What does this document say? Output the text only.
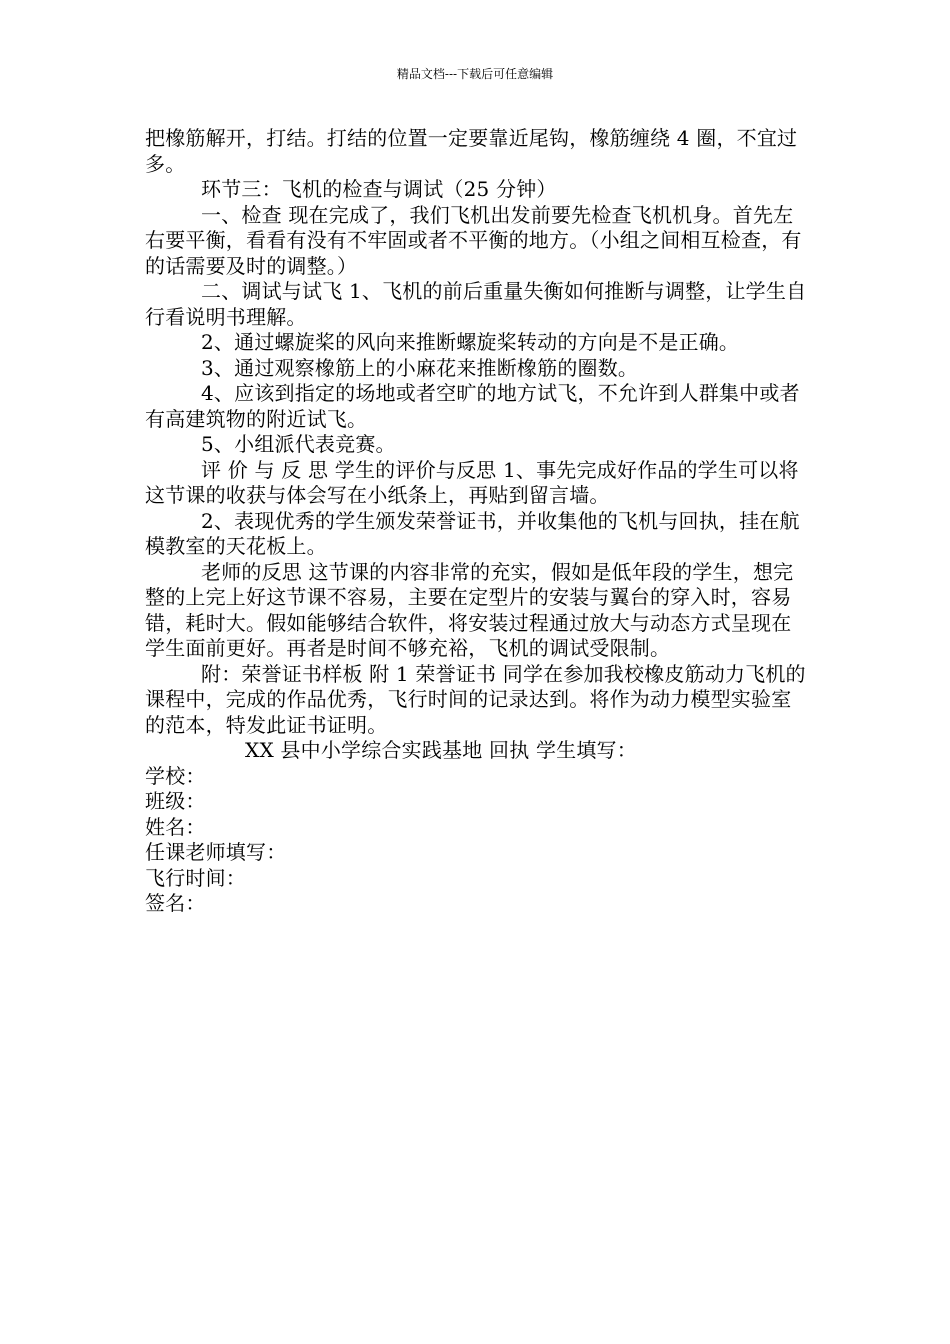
精品文档---下载后可任意编辑

把橡筋解开，打结。打结的位置一定要靠近尾钩，橡筋缠绕 4 圈，不宜过多。

环节三：飞机的检查与调试（25 分钟）

一、检查 现在完成了，我们飞机出发前要先检查飞机机身。首先左右要平衡，看看有没有不牢固或者不平衡的地方。（小组之间相互检查，有的话需要及时的调整。）

二、调试与试飞 1、飞机的前后重量失衡如何推断与调整，让学生自行看说明书理解。

2、通过螺旋桨的风向来推断螺旋桨转动的方向是不是正确。

3、通过观察橡筋上的小麻花来推断橡筋的圈数。

4、应该到指定的场地或者空旷的地方试飞，不允许到人群集中或者有高建筑物的附近试飞。

5、小组派代表竞赛。

评 价 与 反 思 学生的评价与反思 1、事先完成好作品的学生可以将这节课的收获与体会写在小纸条上，再贴到留言墙。

2、表现优秀的学生颁发荣誉证书，并收集他的飞机与回执，挂在航模教室的天花板上。

老师的反思 这节课的内容非常的充实，假如是低年段的学生，想完整的上完上好这节课不容易，主要在定型片的安装与翼台的穿入时，容易错，耗时大。假如能够结合软件，将安装过程通过放大与动态方式呈现在学生面前更好。再者是时间不够充裕，飞机的调试受限制。

附：荣誉证书样板 附 1 荣誉证书 同学在参加我校橡皮筋动力飞机的课程中，完成的作品优秀，飞行时间的记录达到。将作为动力模型实验室的范本，特发此证书证明。

XX 县中小学综合实践基地 回执 学生填写：

学校：

班级：

姓名：

任课老师填写：

飞行时间：

签名：
